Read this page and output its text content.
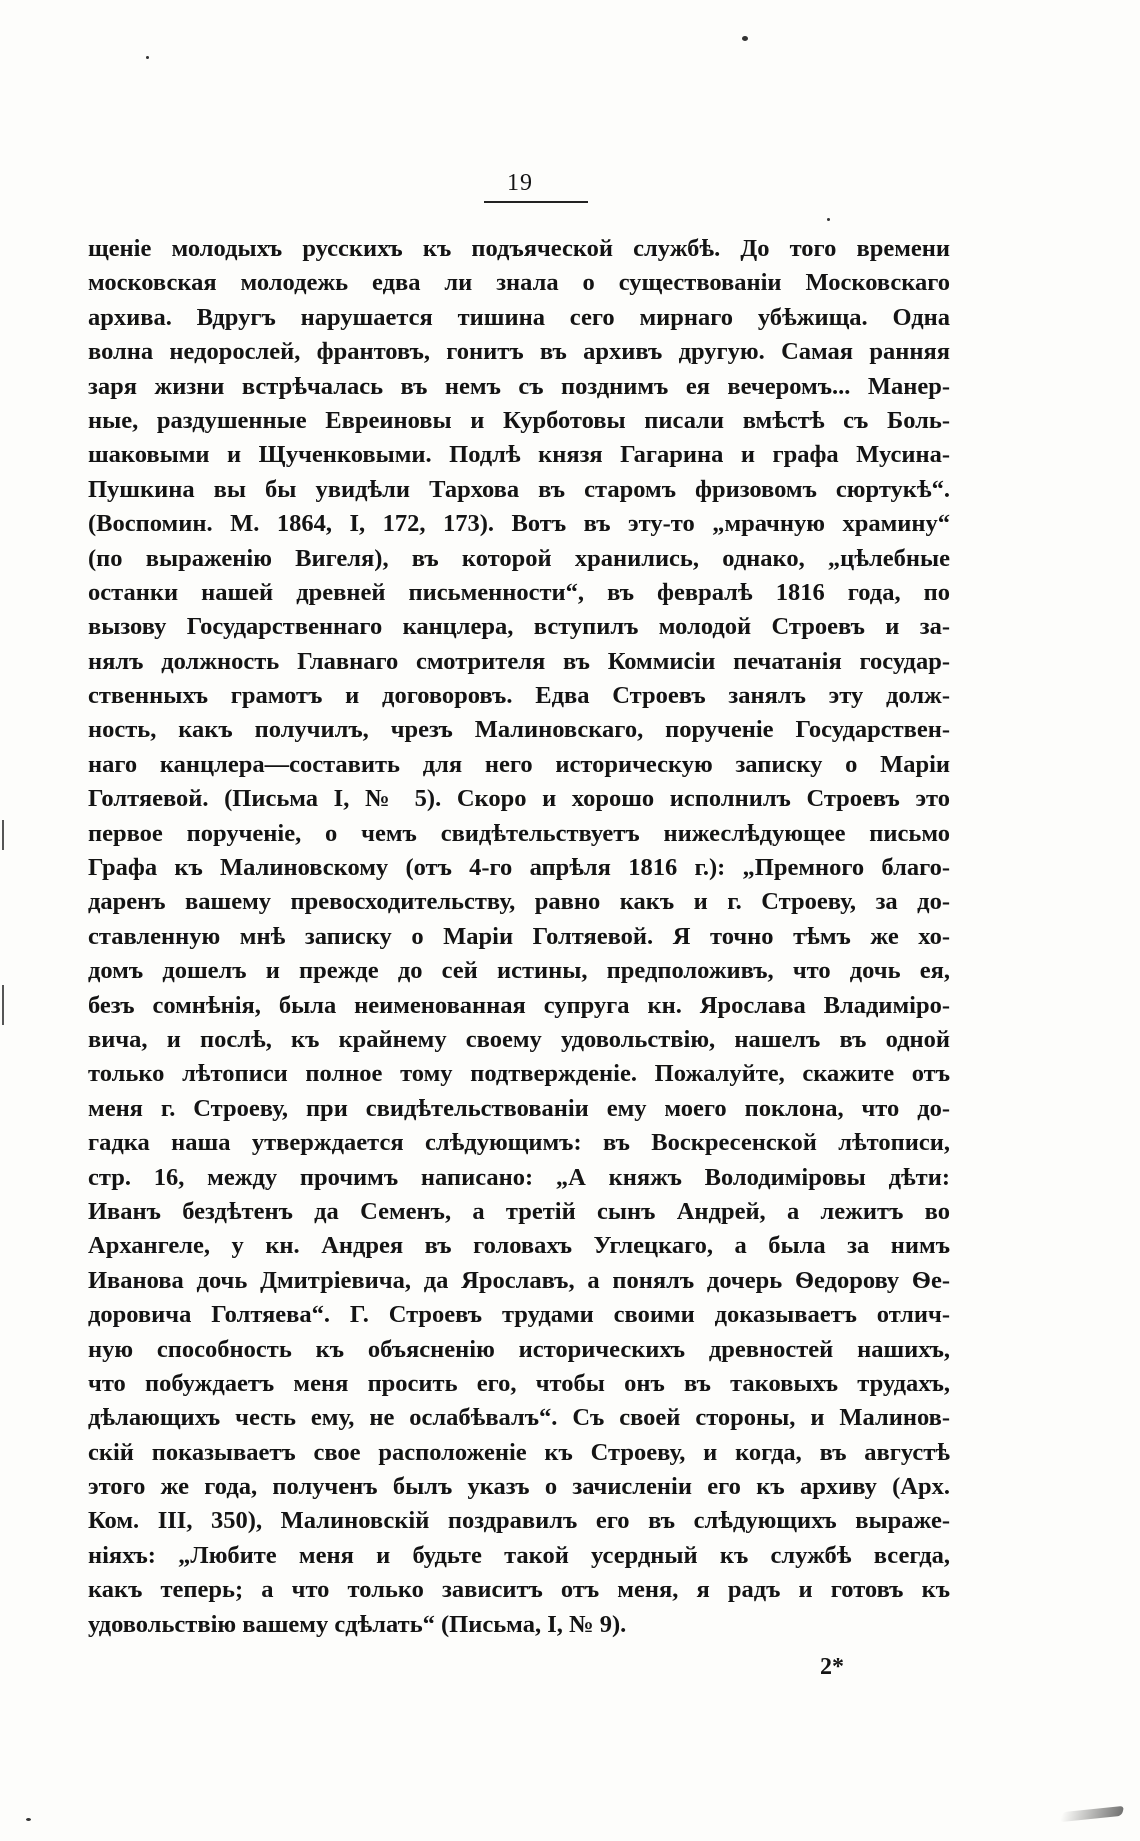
19
щеніе молодыхъ русскихъ къ подъяческой службѣ. До того времени
московская молодежь едва ли знала о существованіи Московскаго
архива. Вдругъ нарушается тишина сего мирнаго убѣжища. Одна
волна недорослей, франтовъ, гонитъ въ архивъ другую. Самая ранняя
заря жизни встрѣчалась въ немъ съ позднимъ ея вечеромъ... Манер-
ные, раздушенные Евреиновы и Курботовы писали вмѣстѣ съ Боль-
шаковыми и Щученковыми. Подлѣ князя Гагарина и графа Мусина-
Пушкина вы бы увидѣли Тархова въ старомъ фризовомъ сюртукѣ“.
(Воспомин. М. 1864, I, 172, 173). Вотъ въ эту-то „мрачную храмину“
(по выраженію Вигеля), въ которой хранились, однако, „цѣлебные
останки нашей древней письменности“, въ февралѣ 1816 года, по
вызову Государственнаго канцлера, вступилъ молодой Строевъ и за-
нялъ должность Главнаго смотрителя въ Коммисіи печатанія государ-
ственныхъ грамотъ и договоровъ. Едва Строевъ занялъ эту долж-
ность, какъ получилъ, чрезъ Малиновскаго, порученіе Государствен-
наго канцлера—составить для него историческую записку о Маріи
Голтяевой. (Письма I, № 5). Скоро и хорошо исполнилъ Строевъ это
первое порученіе, о чемъ свидѣтельствуетъ нижеслѣдующее письмо
Графа къ Малиновскому (отъ 4-го апрѣля 1816 г.): „Премного благо-
даренъ вашему превосходительству, равно какъ и г. Строеву, за до-
ставленную мнѣ записку о Маріи Голтяевой. Я точно тѣмъ же хо-
домъ дошелъ и прежде до сей истины, предположивъ, что дочь ея,
безъ сомнѣнія, была неименованная супруга кн. Ярослава Владиміро-
вича, и послѣ, къ крайнему своему удовольствію, нашелъ въ одной
только лѣтописи полное тому подтвержденіе. Пожалуйте, скажите отъ
меня г. Строеву, при свидѣтельствованіи ему моего поклона, что до-
гадка наша утверждается слѣдующимъ: въ Воскресенской лѣтописи,
стр. 16, между прочимъ написано: „А княжъ Володиміровы дѣти:
Иванъ бездѣтенъ да Семенъ, а третій сынъ Андрей, а лежитъ во
Архангеле, у кн. Андрея въ головахъ Углецкаго, а была за нимъ
Иванова дочь Дмитріевича, да Ярославъ, а понялъ дочерь Ѳедорову Ѳе-
доровича Голтяева“. Г. Строевъ трудами своими доказываетъ отлич-
ную способность къ объясненію историческихъ древностей нашихъ,
что побуждаетъ меня просить его, чтобы онъ въ таковыхъ трудахъ,
дѣлающихъ честь ему, не ослабѣвалъ“. Съ своей стороны, и Малинов-
скій показываетъ свое расположеніе къ Строеву, и когда, въ августѣ
этого же года, полученъ былъ указъ о зачисленіи его къ архиву (Арх.
Ком. III, 350), Малиновскій поздравилъ его въ слѣдующихъ выраже-
ніяхъ: „Любите меня и будьте такой усердный къ службѣ всегда,
какъ теперь; а что только зависитъ отъ меня, я радъ и готовъ къ
удовольствію вашему сдѣлать“ (Письма, I, № 9).
2*
